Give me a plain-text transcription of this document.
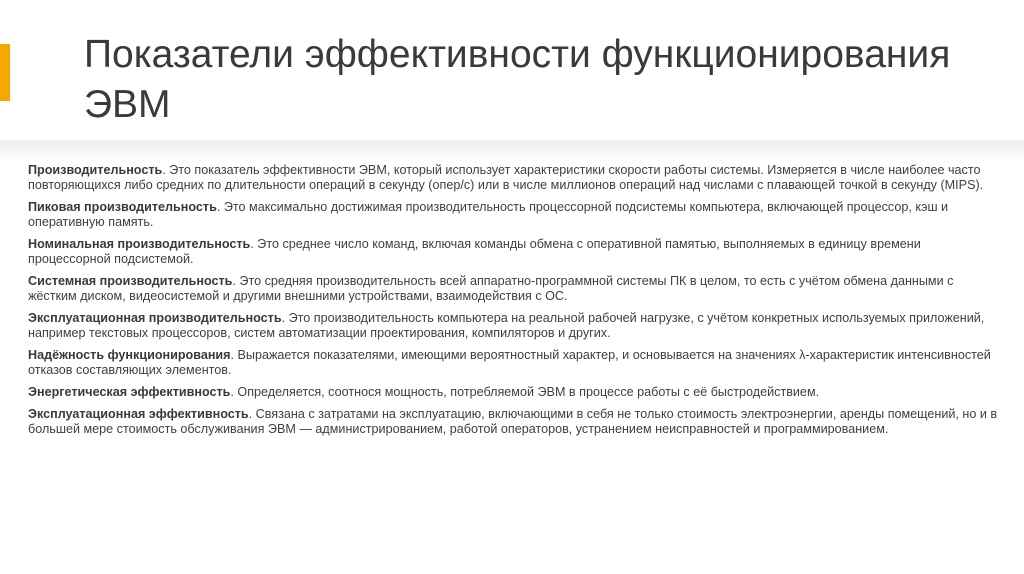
Показатели эффективности функционирования ЭВМ

Производительность. Это показатель эффективности ЭВМ, который использует характеристики скорости работы системы. Измеряется в числе наиболее часто повторяющихся либо средних по длительности операций в секунду (опер/с) или в числе миллионов операций над числами с плавающей точкой в секунду (MIPS).

Пиковая производительность. Это максимально достижимая производительность процессорной подсистемы компьютера, включающей процессор, кэш и оперативную память.

Номинальная производительность. Это среднее число команд, включая команды обмена с оперативной памятью, выполняемых в единицу времени процессорной подсистемой.

Системная производительность. Это средняя производительность всей аппаратно-программной системы ПК в целом, то есть с учётом обмена данными с жёстким диском, видеосистемой и другими внешними устройствами, взаимодействия с ОС.

Эксплуатационная производительность. Это производительность компьютера на реальной рабочей нагрузке, с учётом конкретных используемых приложений, например текстовых процессоров, систем автоматизации проектирования, компиляторов и других.

Надёжность функционирования. Выражается показателями, имеющими вероятностный характер, и основывается на значениях λ-характеристик интенсивностей отказов составляющих элементов.

Энергетическая эффективность. Определяется, соотноcя мощность, потребляемой ЭВМ в процессе работы с её быстродействием.

Эксплуатационная эффективность. Связана с затратами на эксплуатацию, включающими в себя не только стоимость электроэнергии, аренды помещений, но и в большей мере стоимость обслуживания ЭВМ — администрированием, работой операторов, устранением неисправностей и программированием.
